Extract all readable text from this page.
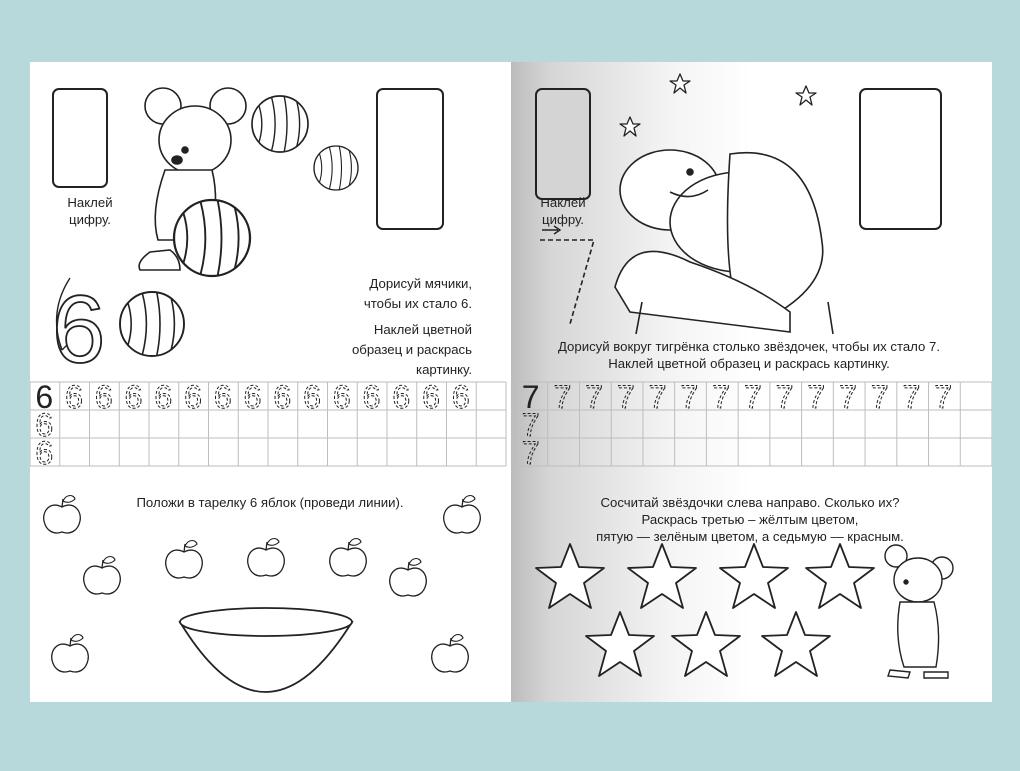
Наклей
цифру.
Дорисуй мячики,
чтобы их стало 6.
Наклей цветной
образец и раскрась
картинку.
Положи в тарелку 6 яблок (проведи линии).
Наклей
цифру.
Дорисуй вокруг тигрёнка столько звёздочек, чтобы их стало 7.
Наклей цветной образец и раскрась картинку.
Сосчитай звёздочки слева направо. Сколько их?
Раскрась третью – жёлтым цветом,
пятую — зелёным цветом, а седьмую — красным.
6
6 6 6 6 6 6 6 6 6 6 6 6 6 6 6
6
6
7 7 7 7 7 7 7 7 7 7 7 7 7 7
7
7
